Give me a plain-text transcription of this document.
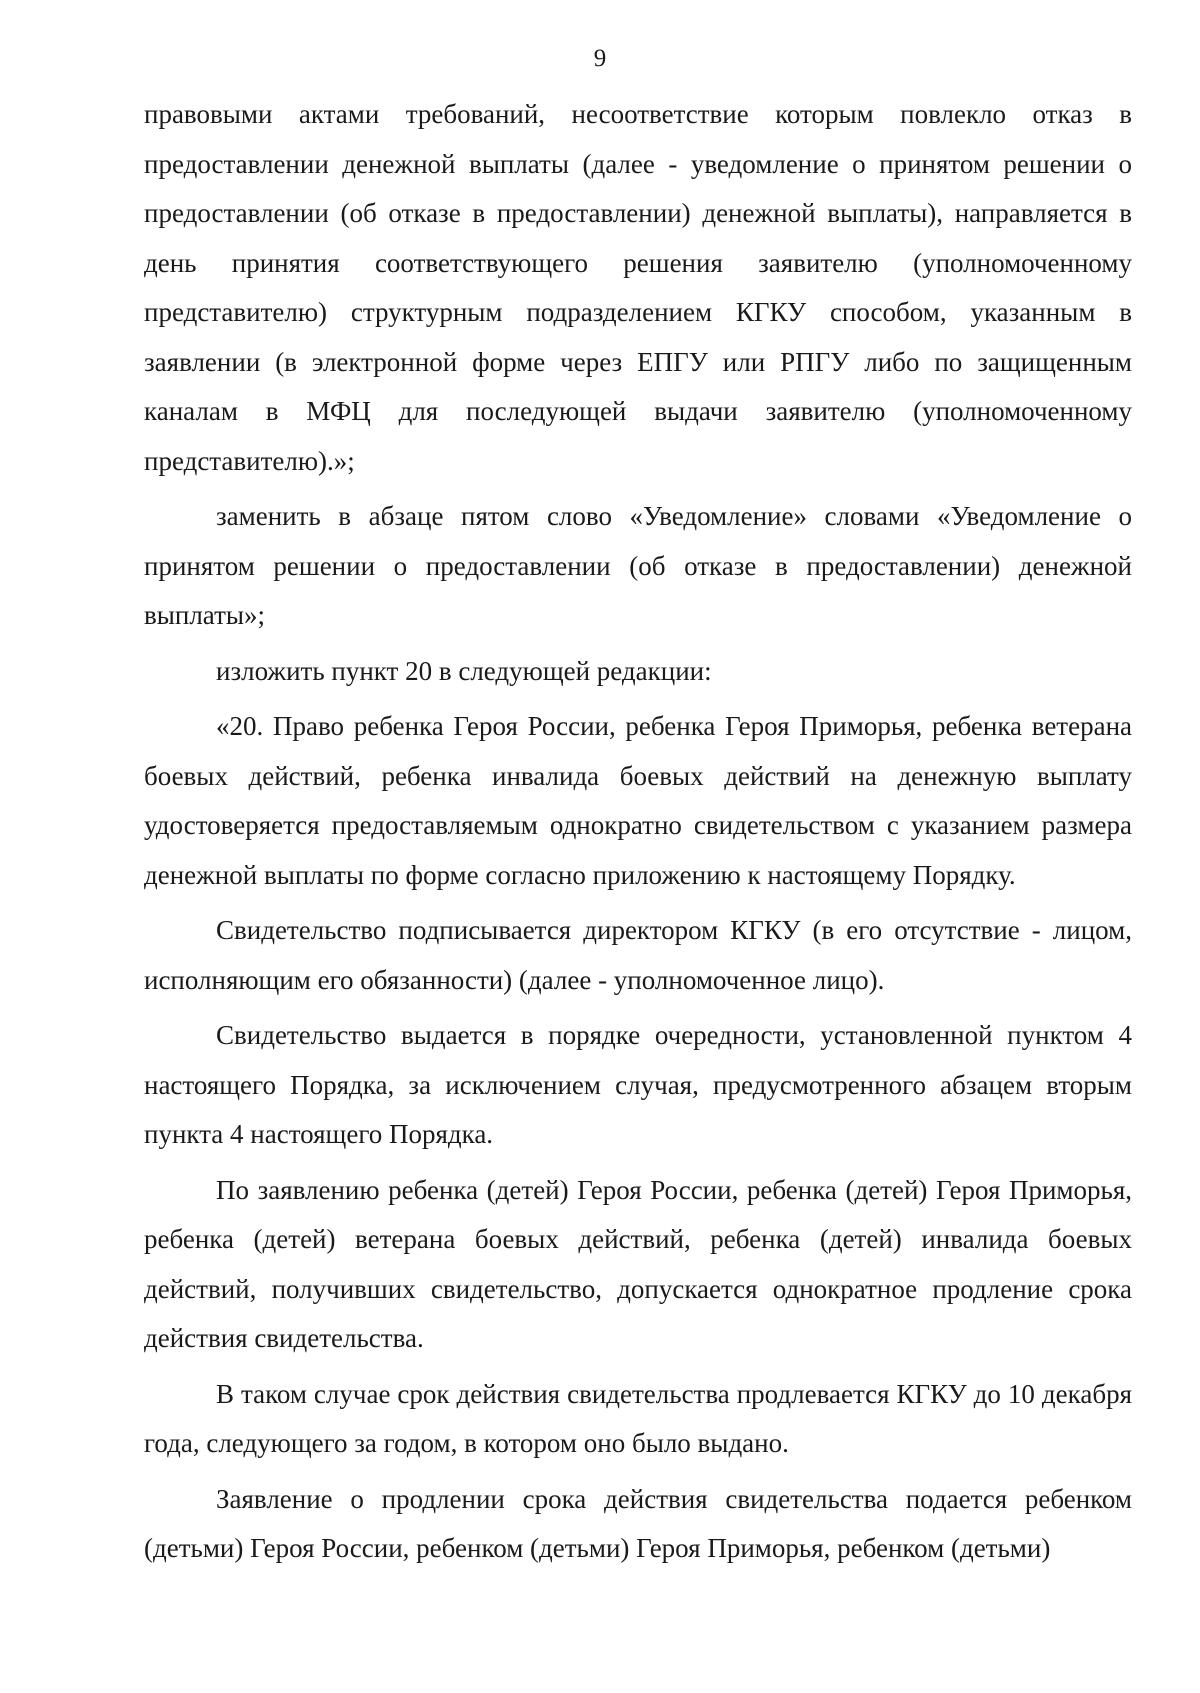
9

правовыми актами требований, несоответствие которым повлекло отказ в предоставлении денежной выплаты (далее - уведомление о принятом решении о предоставлении (об отказе в предоставлении) денежной выплаты), направляется в день принятия соответствующего решения заявителю (уполномоченному представителю) структурным подразделением КГКУ способом, указанным в заявлении (в электронной форме через ЕПГУ или РПГУ либо по защищенным каналам в МФЦ для последующей выдачи заявителю (уполномоченному представителю).»;

заменить в абзаце пятом слово «Уведомление» словами «Уведомление о принятом решении о предоставлении (об отказе в предоставлении) денежной выплаты»;

изложить пункт 20 в следующей редакции:

«20. Право ребенка Героя России, ребенка Героя Приморья, ребенка ветерана боевых действий, ребенка инвалида боевых действий на денежную выплату удостоверяется предоставляемым однократно свидетельством с указанием размера денежной выплаты по форме согласно приложению к настоящему Порядку.

Свидетельство подписывается директором КГКУ (в его отсутствие - лицом, исполняющим его обязанности) (далее - уполномоченное лицо).

Свидетельство выдается в порядке очередности, установленной пунктом 4 настоящего Порядка, за исключением случая, предусмотренного абзацем вторым пункта 4 настоящего Порядка.

По заявлению ребенка (детей) Героя России, ребенка (детей) Героя Приморья, ребенка (детей) ветерана боевых действий, ребенка (детей) инвалида боевых действий, получивших свидетельство, допускается однократное продление срока действия свидетельства.

В таком случае срок действия свидетельства продлевается КГКУ до 10 декабря года, следующего за годом, в котором оно было выдано.

Заявление о продлении срока действия свидетельства подается ребенком (детьми) Героя России, ребенком (детьми) Героя Приморья, ребенком (детьми)
